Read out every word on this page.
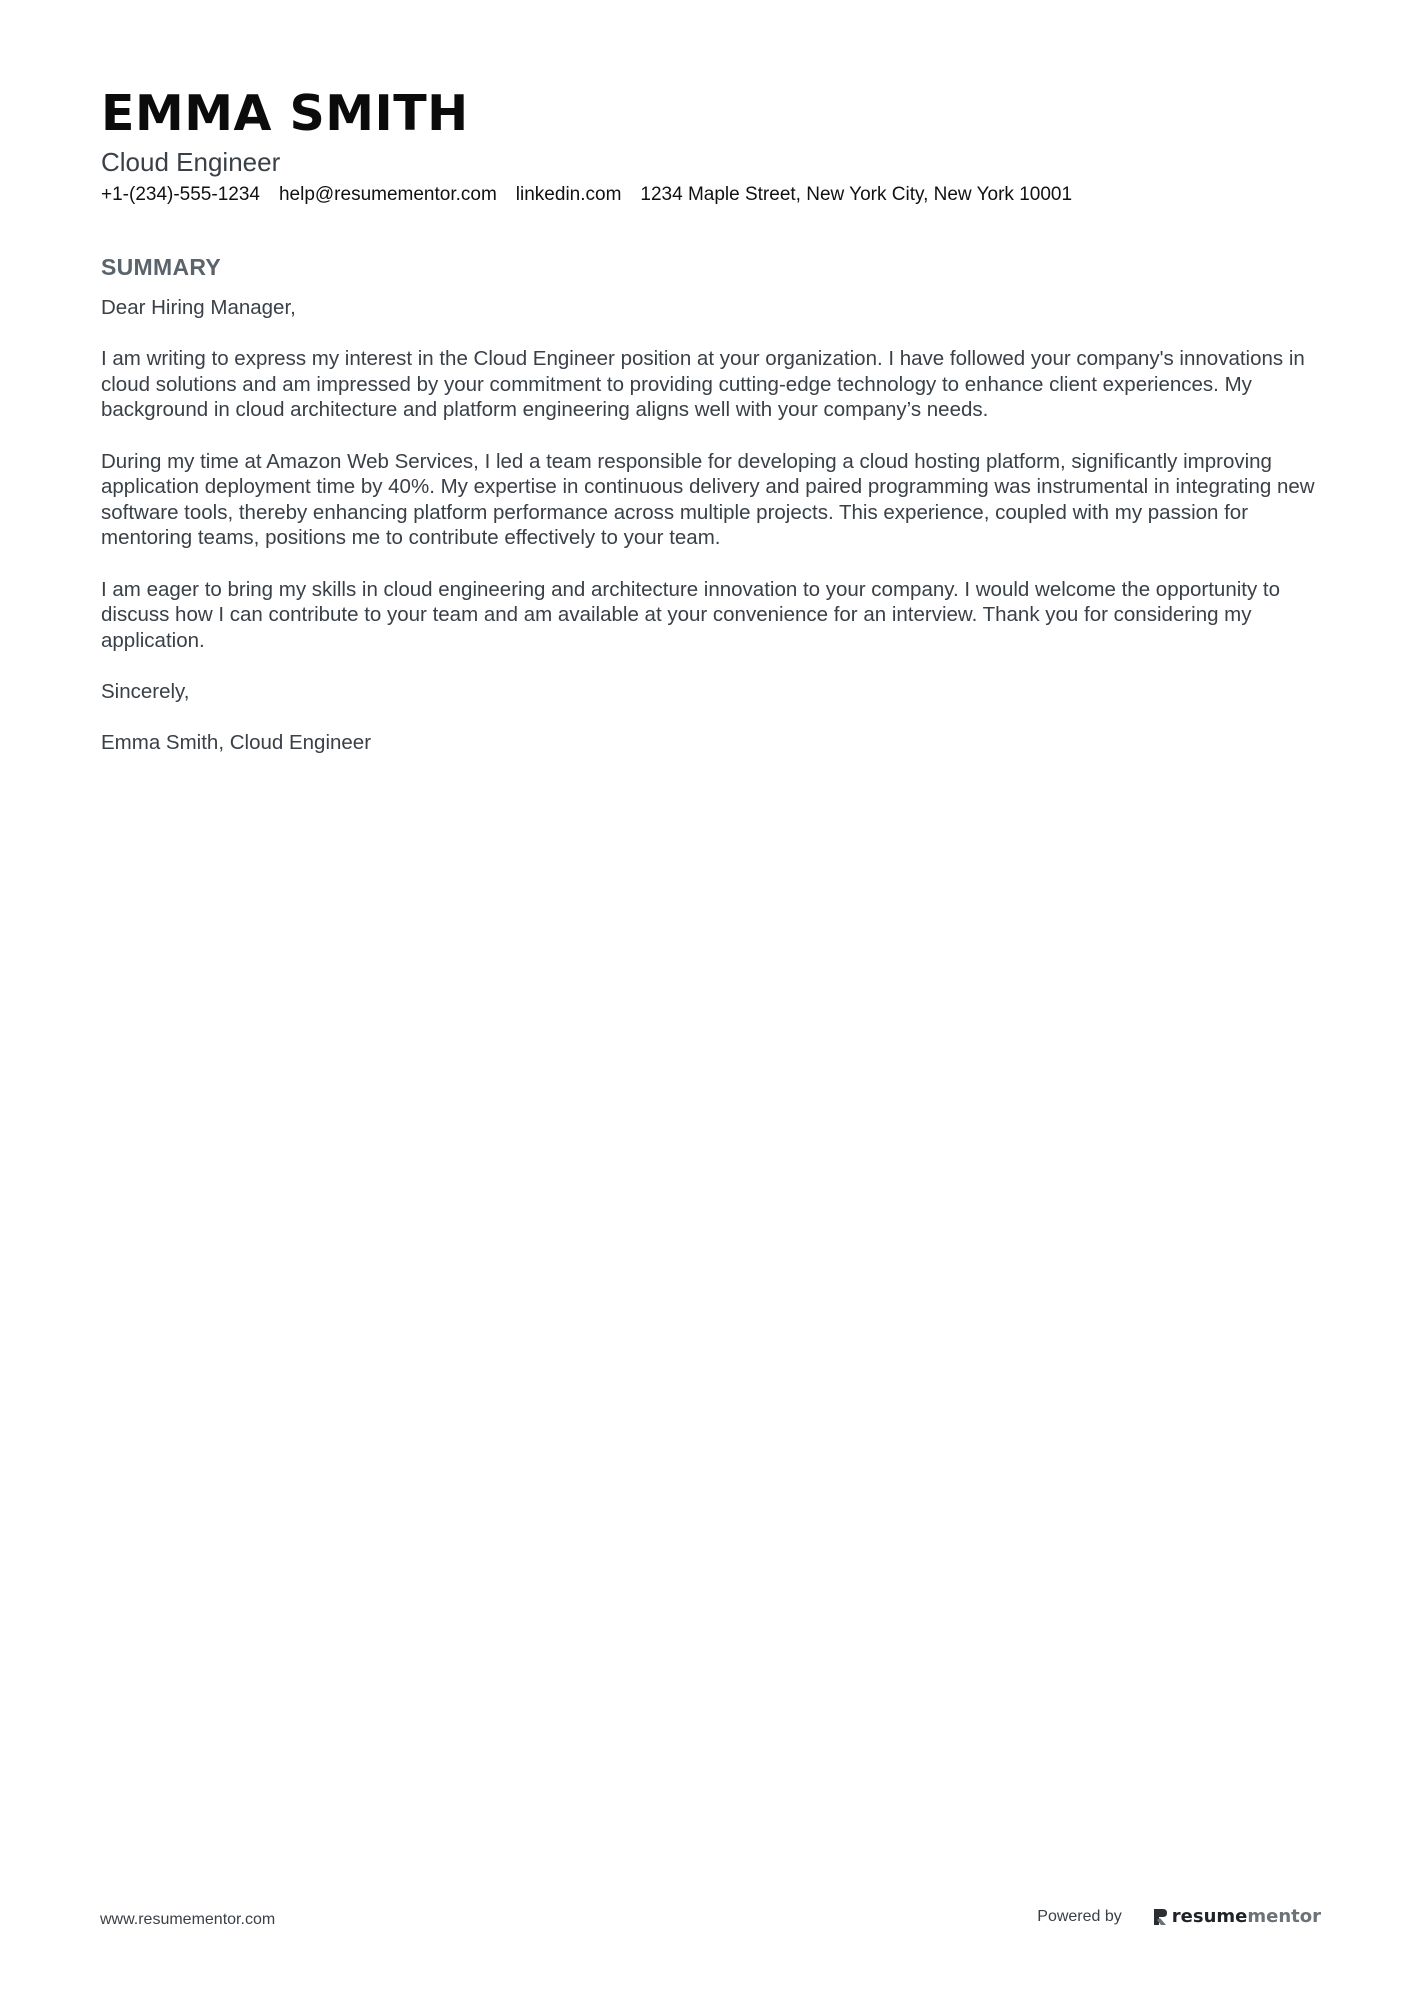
EMMA SMITH
Cloud Engineer
+1-(234)-555-1234 help@resumementor.com linkedin.com 1234 Maple Street, New York City, New York 10001
SUMMARY

Dear Hiring Manager,

I am writing to express my interest in the Cloud Engineer position at your organization. I have followed your company's innovations in cloud solutions and am impressed by your commitment to providing cutting-edge technology to enhance client experiences. My background in cloud architecture and platform engineering aligns well with your company’s needs.

During my time at Amazon Web Services, I led a team responsible for developing a cloud hosting platform, significantly improving application deployment time by 40%. My expertise in continuous delivery and paired programming was instrumental in integrating new software tools, thereby enhancing platform performance across multiple projects. This experience, coupled with my passion for mentoring teams, positions me to contribute effectively to your team.

I am eager to bring my skills in cloud engineering and architecture innovation to your company. I would welcome the opportunity to discuss how I can contribute to your team and am available at your convenience for an interview. Thank you for considering my application.

Sincerely,

Emma Smith, Cloud Engineer

www.resumementor.com	Powered by	resumementor
